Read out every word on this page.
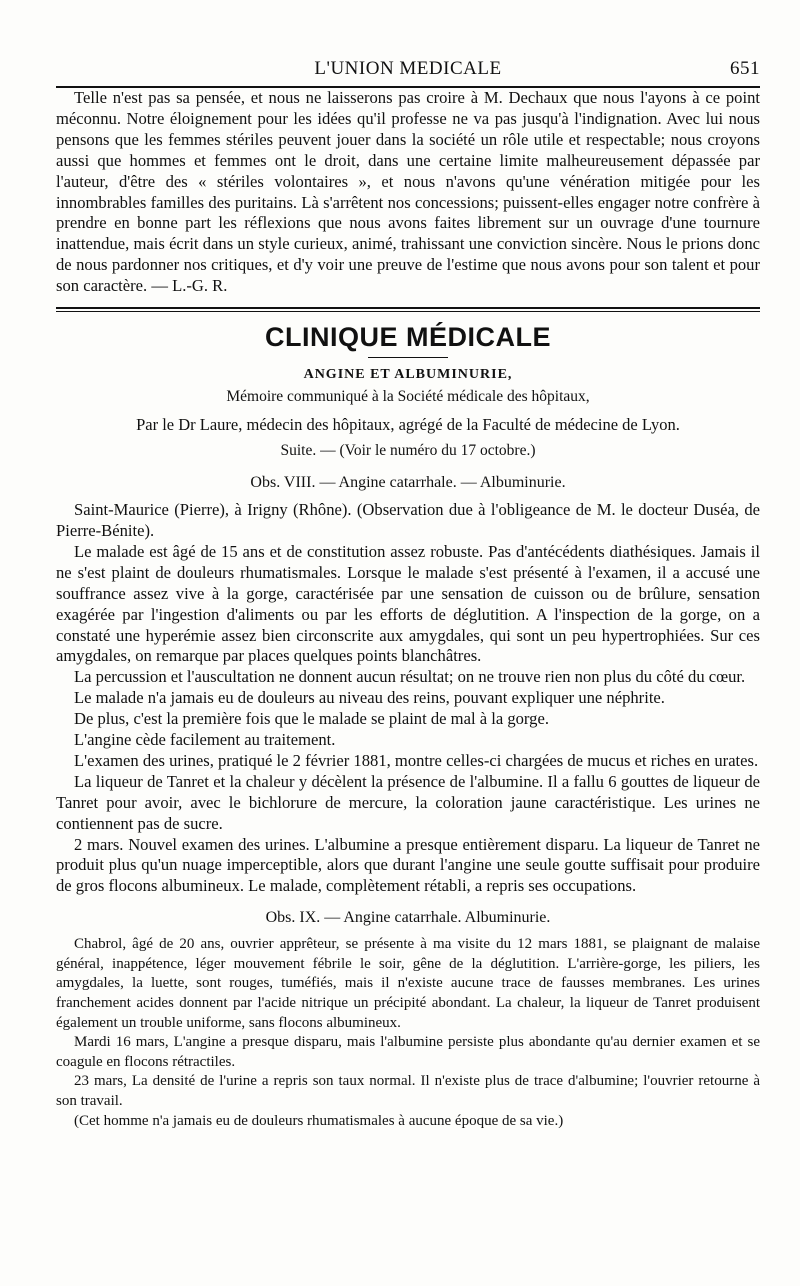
L'UNION MEDICALE	651

Telle n'est pas sa pensée, et nous ne laisserons pas croire à M. Dechaux que nous l'ayons à ce point méconnu. Notre éloignement pour les idées qu'il professe ne va pas jusqu'à l'indignation. Avec lui nous pensons que les femmes stériles peuvent jouer dans la société un rôle utile et respectable; nous croyons aussi que hommes et femmes ont le droit, dans une certaine limite malheureusement dépassée par l'auteur, d'être des « stériles volontaires », et nous n'avons qu'une vénération mitigée pour les innombrables familles des puritains. Là s'arrêtent nos concessions; puissent-elles engager notre confrère à prendre en bonne part les réflexions que nous avons faites librement sur un ouvrage d'une tournure inattendue, mais écrit dans un style curieux, animé, trahissant une conviction sincère. Nous le prions donc de nous pardonner nos critiques, et d'y voir une preuve de l'estime que nous avons pour son talent et pour son caractère. — L.-G. R.

CLINIQUE MÉDICALE
ANGINE ET ALBUMINURIE,
Mémoire communiqué à la Société médicale des hôpitaux,
Par le Dr Laure, médecin des hôpitaux, agrégé de la Faculté de médecine de Lyon.
Suite. — (Voir le numéro du 17 octobre.)
Obs. VIII. — Angine catarrhale. — Albuminurie.

Saint-Maurice (Pierre), à Irigny (Rhône). (Observation due à l'obligeance de M. le docteur Duséa, de Pierre-Bénite).

Le malade est âgé de 15 ans et de constitution assez robuste. Pas d'antécédents diathésiques. Jamais il ne s'est plaint de douleurs rhumatismales. Lorsque le malade s'est présenté à l'examen, il a accusé une souffrance assez vive à la gorge, caractérisée par une sensation de cuisson ou de brûlure, sensation exagérée par l'ingestion d'aliments ou par les efforts de déglutition. A l'inspection de la gorge, on a constaté une hyperémie assez bien circonscrite aux amygdales, qui sont un peu hypertrophiées. Sur ces amygdales, on remarque par places quelques points blanchâtres.

La percussion et l'auscultation ne donnent aucun résultat; on ne trouve rien non plus du côté du cœur.

Le malade n'a jamais eu de douleurs au niveau des reins, pouvant expliquer une néphrite.

De plus, c'est la première fois que le malade se plaint de mal à la gorge.

L'angine cède facilement au traitement.

L'examen des urines, pratiqué le 2 février 1881, montre celles-ci chargées de mucus et riches en urates.

La liqueur de Tanret et la chaleur y décèlent la présence de l'albumine. Il a fallu 6 gouttes de liqueur de Tanret pour avoir, avec le bichlorure de mercure, la coloration jaune caractéristique. Les urines ne contiennent pas de sucre.

2 mars. Nouvel examen des urines. L'albumine a presque entièrement disparu. La liqueur de Tanret ne produit plus qu'un nuage imperceptible, alors que durant l'angine une seule goutte suffisait pour produire de gros flocons albumineux. Le malade, complètement rétabli, a repris ses occupations.

Obs. IX. — Angine catarrhale. Albuminurie.

Chabrol, âgé de 20 ans, ouvrier apprêteur, se présente à ma visite du 12 mars 1881, se plaignant de malaise général, inappétence, léger mouvement fébrile le soir, gêne de la déglutition. L'arrière-gorge, les piliers, les amygdales, la luette, sont rouges, tuméfiés, mais il n'existe aucune trace de fausses membranes. Les urines franchement acides donnent par l'acide nitrique un précipité abondant. La chaleur, la liqueur de Tanret produisent également un trouble uniforme, sans flocons albumineux.

Mardi 16 mars, L'angine a presque disparu, mais l'albumine persiste plus abondante qu'au dernier examen et se coagule en flocons rétractiles.

23 mars, La densité de l'urine a repris son taux normal. Il n'existe plus de trace d'albumine; l'ouvrier retourne à son travail.

(Cet homme n'a jamais eu de douleurs rhumatismales à aucune époque de sa vie.)
